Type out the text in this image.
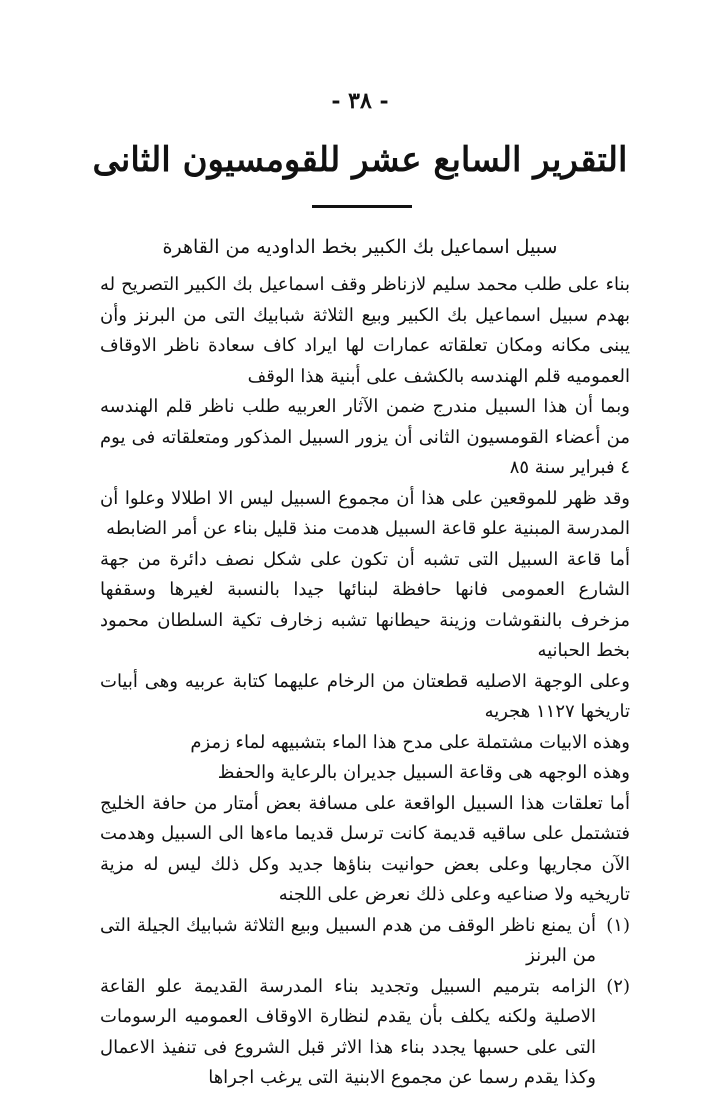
- ٣٨ -
التقرير السابع عشر للقومسيون الثانى
سبيل اسماعيل بك الكبير بخط الداوديه من القاهرة

بناء على طلب محمد سليم لازناظر وقف اسماعيل بك الكبير التصريح له بهدم سبيل اسماعيل بك الكبير وبيع الثلاثة شبابيك التى من البرنز وأن يبنى مكانه ومكان تعلقاته عمارات لها ايراد كاف سعادة ناظر الاوقاف العموميه قلم الهندسه بالكشف على أبنية هذا الوقف

وبما أن هذا السبيل مندرج ضمن الآثار العربيه طلب ناظر قلم الهندسه من أعضاء القومسيون الثانى أن يزور السبيل المذكور ومتعلقاته فى يوم ٤ فبراير سنة ٨٥

وقد ظهر للموقعين على هذا أن مجموع السبيل ليس الا اطلالا وعلوا أن المدرسة المبنية علو قاعة السبيل هدمت منذ قليل بناء عن أمر الضابطه

أما قاعة السبيل التى تشبه أن تكون على شكل نصف دائرة من جهة الشارع العمومى فانها حافظة لبنائها جيدا بالنسبة لغيرها وسقفها مزخرف بالنقوشات وزينة حيطانها تشبه زخارف تكية السلطان محمود بخط الحبانيه

وعلى الوجهة الاصليه قطعتان من الرخام عليهما كتابة عربيه وهى أبيات تاريخها ١١٢٧ هجريه

وهذه الابيات مشتملة على مدح هذا الماء بتشبيهه لماء زمزم

وهذه الوجهه هى وقاعة السبيل جديران بالرعاية والحفظ

أما تعلقات هذا السبيل الواقعة على مسافة بعض أمتار من حافة الخليج فتشتمل على ساقيه قديمة كانت ترسل قديما ماءها الى السبيل وهدمت الآن مجاريها وعلى بعض حوانيت بناؤها جديد وكل ذلك ليس له مزية تاريخيه ولا صناعيه وعلى ذلك نعرض على اللجنه

(١)
أن يمنع ناظر الوقف من هدم السبيل وبيع الثلاثة شبابيك الجيلة التى من البرنز
(٢)
الزامه بترميم السبيل وتجديد بناء المدرسة القديمة علو القاعة الاصلية ولكنه يكلف بأن يقدم لنظارة الاوقاف العموميه الرسومات التى على حسبها يجدد بناء هذا الاثر قبل الشروع فى تنفيذ الاعمال وكذا يقدم رسما عن مجموع الابنية التى يرغب اجراها
